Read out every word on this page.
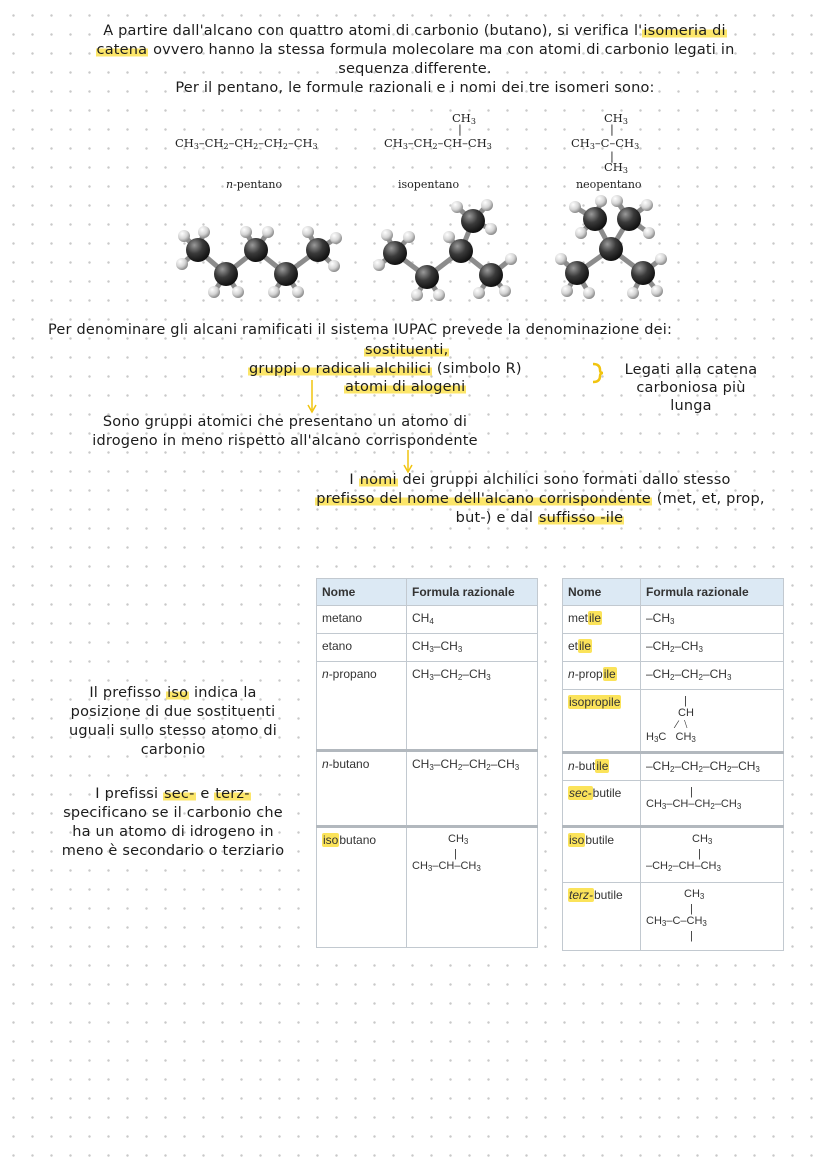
A partire dall'alcano con quattro atomi di carbonio (butano), si verifica l'isomeria di
catena ovvero hanno la stessa formula molecolare ma con atomi di carbonio legati in
sequenza differente.
Per il pentano, le formule razionali e i nomi dei tre isomeri sono:
$CH_3-CH_2-CH_2-CH_2-CH_3$
n-pentano
$CH_3$
|
$CH_3-CH_2-CH-CH_3$
isopentano
$CH_3$
|
$CH_3-C-CH_3$
|
$CH_3$
neopentano
Per denominare gli alcani ramificati il sistema IUPAC prevede la denominazione dei:
sostituenti,
gruppi o radicali alchilici (simbolo R)
atomi di alogeni
Legati alla catena
carboniosa più
lunga
Sono gruppi atomici che presentano un atomo di
idrogeno in meno rispetto all'alcano corrispondente
I nomi dei gruppi alchilici sono formati dallo stesso
prefisso del nome dell'alcano corrispondente (met, et, prop,
but-) e dal suffisso -ile
Il prefisso iso indica la
posizione di due sostituenti
uguali sullo stesso atomo di
carbonio
I prefissi sec- e terz-
specificano se il carbonio che
ha un atomo di idrogeno in
meno è secondario o terziario
Nome	Formula razionale
metano	$CH_4$
etano	$CH_3-CH_3$
n-propano	$CH_3-CH_2-CH_3$
n-butano	$CH_3-CH_2-CH_2-CH_3$
isobutano	$CH_3$
|
$CH_3-CH-CH_3$
Nome	Formula razionale
metile	$-CH_3$
etile	$-CH_2-CH_3$
n-propile	$-CH_2-CH_2-CH_3$
isopropile	|
CH
⁄  ⧵
$H_3C$   $CH_3$

n-butile	$-CH_2-CH_2-CH_2-CH_3$
sec-butile	|
$CH_3-CH-CH_2-CH_3$

isobutile	$CH_3$
|
$-CH_2-CH-CH_3$

terz-butile	$CH_3$
|
$CH_3-C-CH_3$
|
